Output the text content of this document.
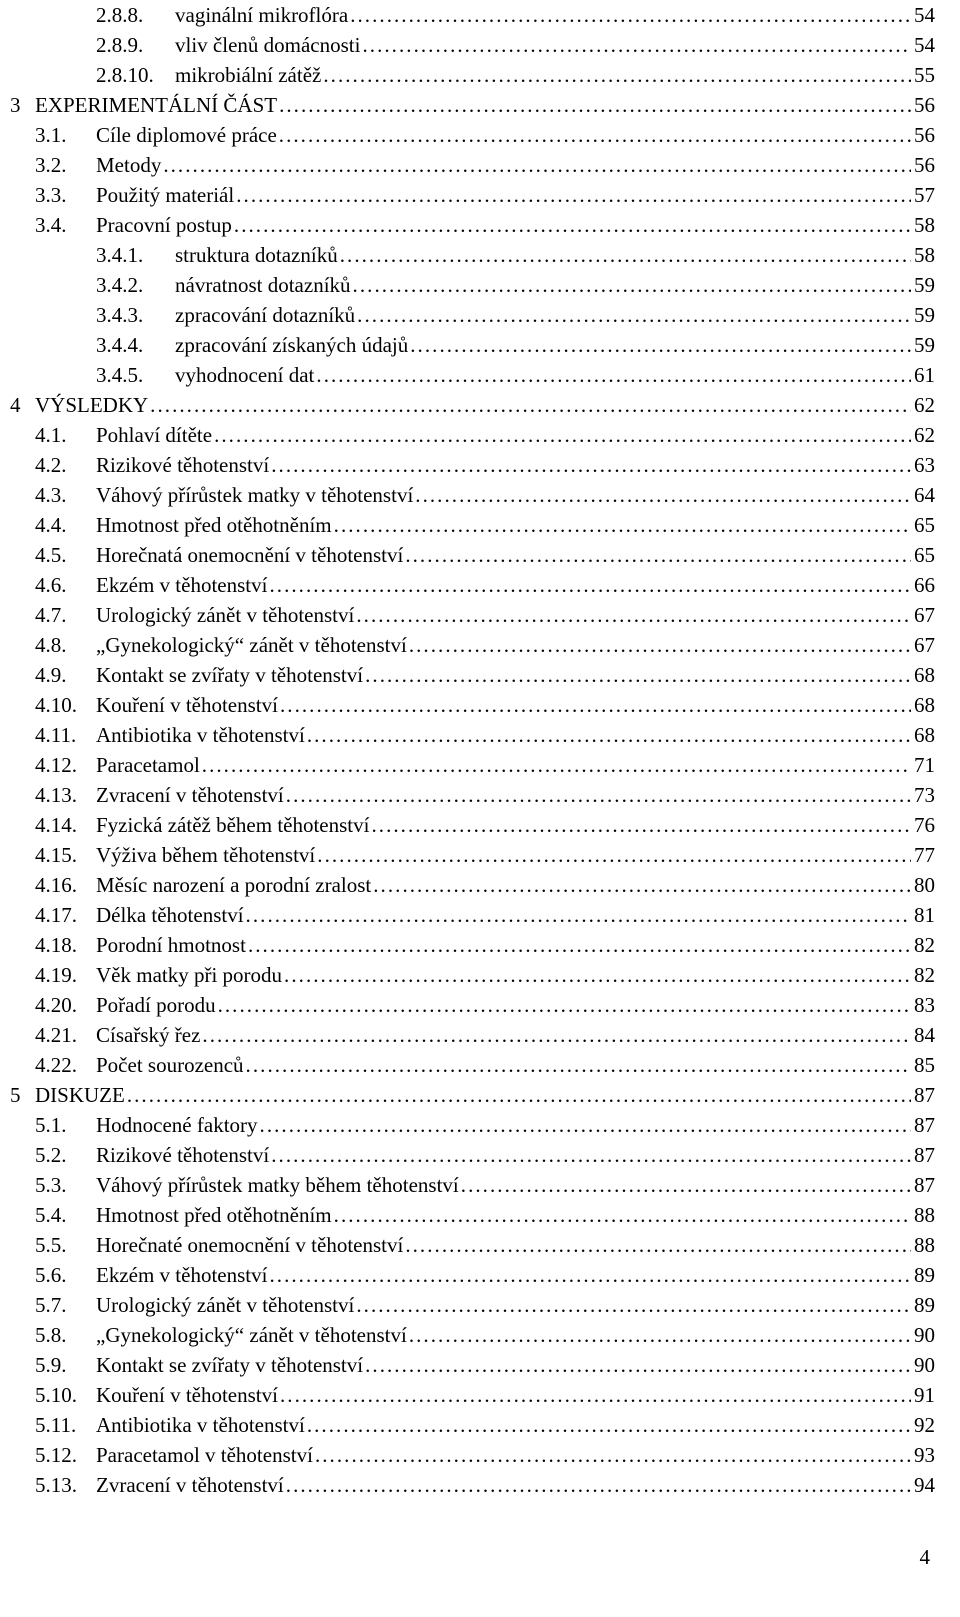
2.8.8. vaginální mikroflóra . . .	54
2.8.9. vliv členů domácnosti . . .	54
2.8.10. mikrobiální zátěž . . .	55
3 EXPERIMENTÁLNÍ ČÁST . . .	56
3.1. Cíle diplomové práce . . .	56
3.2. Metody . . .	56
3.3. Použitý materiál . . .	57
3.4. Pracovní postup . . .	58
3.4.1. struktura dotazníků . . .	58
3.4.2. návratnost dotazníků . . .	59
3.4.3. zpracování dotazníků . . .	59
3.4.4. zpracování získaných údajů . . .	59
3.4.5. vyhodnocení dat . . .	61
4 VÝSLEDKY . . .	62
4.1. Pohlaví dítěte . . .	62
4.2. Rizikové těhotenství . . .	63
4.3. Váhový přírůstek matky v těhotenství . . .	64
4.4. Hmotnost před otěhotněním . . .	65
4.5. Horečnatá onemocnění v těhotenství . . .	65
4.6. Ekzém v těhotenství . . .	66
4.7. Urologický zánět v těhotenství . . .	67
4.8. „Gynekologický“ zánět v těhotenství . . .	67
4.9. Kontakt se zvířaty v těhotenství . . .	68
4.10. Kouření v těhotenství . . .	68
4.11. Antibiotika v těhotenství . . .	68
4.12. Paracetamol . . .	71
4.13. Zvracení v těhotenství . . .	73
4.14. Fyzická zátěž během těhotenství . . .	76
4.15. Výživa během těhotenství . . .	77
4.16. Měsíc narození a porodní zralost . . .	80
4.17. Délka těhotenství . . .	81
4.18. Porodní hmotnost . . .	82
4.19. Věk matky při porodu . . .	82
4.20. Pořadí porodu . . .	83
4.21. Císařský řez . . .	84
4.22. Počet sourozenců . . .	85
5 DISKUZE . . .	87
5.1. Hodnocené faktory . . .	87
5.2. Rizikové těhotenství . . .	87
5.3. Váhový přírůstek matky během těhotenství . . .	87
5.4. Hmotnost před otěhotněním . . .	88
5.5. Horečnaté onemocnění v těhotenství . . .	88
5.6. Ekzém v těhotenství . . .	89
5.7. Urologický zánět v těhotenství . . .	89
5.8. „Gynekologický“ zánět v těhotenství . . .	90
5.9. Kontakt se zvířaty v těhotenství . . .	90
5.10. Kouření v těhotenství . . .	91
5.11. Antibiotika v těhotenství . . .	92
5.12. Paracetamol v těhotenství . . .	93
5.13. Zvracení v těhotenství . . .	94
4
